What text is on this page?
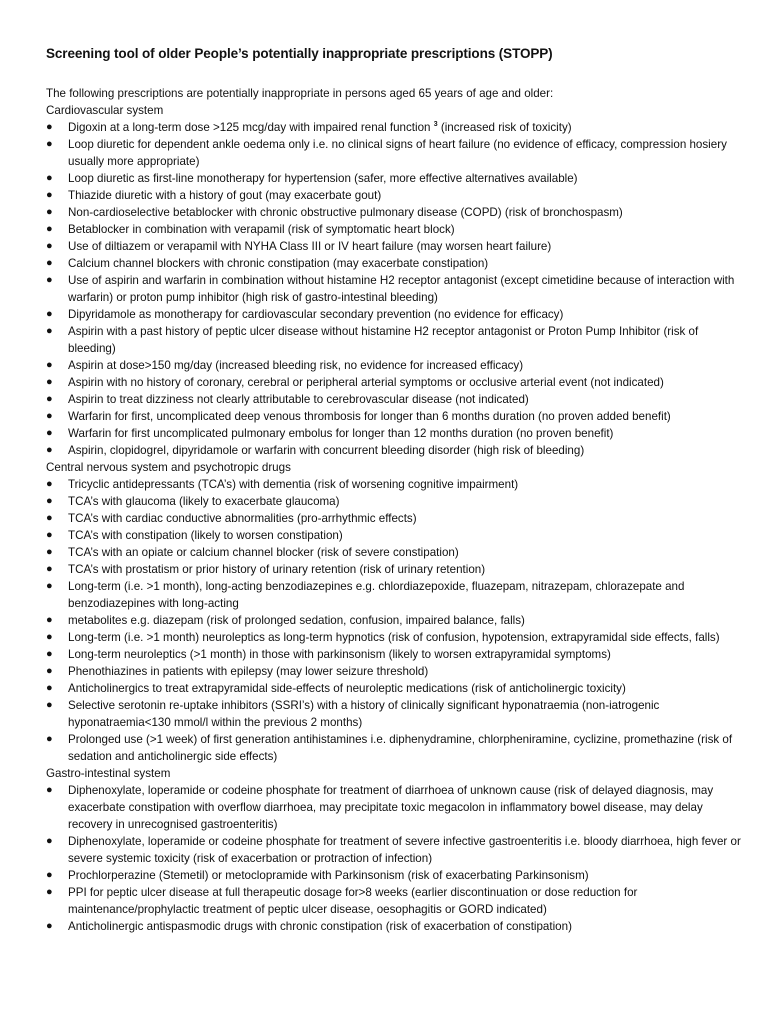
Screening tool of older People’s potentially inappropriate prescriptions (STOPP)

The following prescriptions are potentially inappropriate in persons aged 65 years of age and older:

Cardiovascular system

● Digoxin at a long-term dose >125 mcg/day with impaired renal function $^3$ (increased risk of toxicity)
● Loop diuretic for dependent ankle oedema only i.e. no clinical signs of heart failure (no evidence of efficacy, compression hosiery usually more appropriate)
● Loop diuretic as first-line monotherapy for hypertension (safer, more effective alternatives available)
● Thiazide diuretic with a history of gout (may exacerbate gout)
● Non-cardioselective betablocker with chronic obstructive pulmonary disease (COPD) (risk of bronchospasm)
● Betablocker in combination with verapamil (risk of symptomatic heart block)
● Use of diltiazem or verapamil with NYHA Class III or IV heart failure (may worsen heart failure)
● Calcium channel blockers with chronic constipation (may exacerbate constipation)
● Use of aspirin and warfarin in combination without histamine H2 receptor antagonist (except cimetidine because of interaction with warfarin) or proton pump inhibitor (high risk of gastro-intestinal bleeding)
● Dipyridamole as monotherapy for cardiovascular secondary prevention (no evidence for efficacy)
● Aspirin with a past history of peptic ulcer disease without histamine H2 receptor antagonist or Proton Pump Inhibitor (risk of bleeding)
● Aspirin at dose>150 mg/day (increased bleeding risk, no evidence for increased efficacy)
● Aspirin with no history of coronary, cerebral or peripheral arterial symptoms or occlusive arterial event (not indicated)
● Aspirin to treat dizziness not clearly attributable to cerebrovascular disease (not indicated)
● Warfarin for first, uncomplicated deep venous thrombosis for longer than 6 months duration (no proven added benefit)
● Warfarin for first uncomplicated pulmonary embolus for longer than 12 months duration (no proven benefit)
● Aspirin, clopidogrel, dipyridamole or warfarin with concurrent bleeding disorder (high risk of bleeding)

Central nervous system and psychotropic drugs

● Tricyclic antidepressants (TCA’s) with dementia (risk of worsening cognitive impairment)
● TCA’s with glaucoma (likely to exacerbate glaucoma)
● TCA’s with cardiac conductive abnormalities (pro-arrhythmic effects)
● TCA’s with constipation (likely to worsen constipation)
● TCA’s with an opiate or calcium channel blocker (risk of severe constipation)
● TCA’s with prostatism or prior history of urinary retention (risk of urinary retention)
● Long-term (i.e. >1 month), long-acting benzodiazepines e.g. chlordiazepoxide, fluazepam, nitrazepam, chlorazepate and benzodiazepines with long-acting
● metabolites e.g. diazepam (risk of prolonged sedation, confusion, impaired balance, falls)
● Long-term (i.e. >1 month) neuroleptics as long-term hypnotics (risk of confusion, hypotension, extrapyramidal side effects, falls)
● Long-term neuroleptics (>1 month) in those with parkinsonism (likely to worsen extrapyramidal symptoms)
● Phenothiazines in patients with epilepsy (may lower seizure threshold)
● Anticholinergics to treat extrapyramidal side-effects of neuroleptic medications (risk of anticholinergic toxicity)
● Selective serotonin re-uptake inhibitors (SSRI’s) with a history of clinically significant hyponatraemia (non-iatrogenic hyponatraemia<130 mmol/l within the previous 2 months)
● Prolonged use (>1 week) of first generation antihistamines i.e. diphenydramine, chlorpheniramine, cyclizine, promethazine (risk of sedation and anticholinergic side effects)

Gastro-intestinal system

● Diphenoxylate, loperamide or codeine phosphate for treatment of diarrhoea of unknown cause (risk of delayed diagnosis, may exacerbate constipation with overflow diarrhoea, may precipitate toxic megacolon in inflammatory bowel disease, may delay recovery in unrecognised gastroenteritis)
● Diphenoxylate, loperamide or codeine phosphate for treatment of severe infective gastroenteritis i.e. bloody diarrhoea, high fever or severe systemic toxicity (risk of exacerbation or protraction of infection)
● Prochlorperazine (Stemetil) or metoclopramide with Parkinsonism (risk of exacerbating Parkinsonism)
● PPI for peptic ulcer disease at full therapeutic dosage for>8 weeks (earlier discontinuation or dose reduction for maintenance/prophylactic treatment of peptic ulcer disease, oesophagitis or GORD indicated)
● Anticholinergic antispasmodic drugs with chronic constipation (risk of exacerbation of constipation)
